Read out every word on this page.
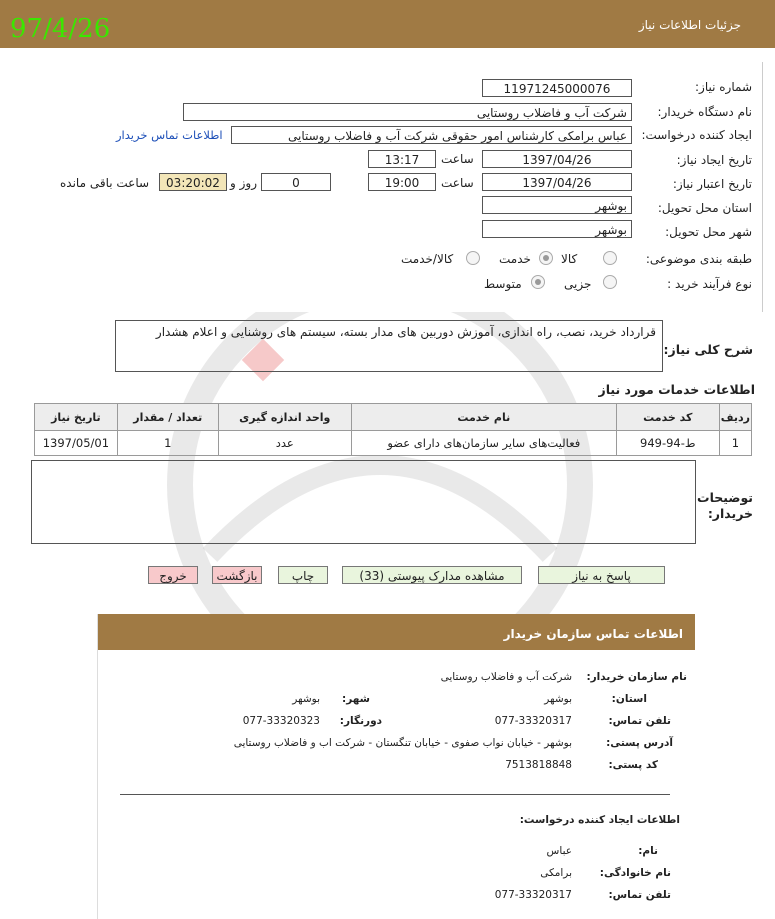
جزئیات اطلاعات نیاز
97/4/26
شماره نیاز:
11971245000076
نام دستگاه خریدار:
شرکت آب و فاضلاب روستایی
ایجاد کننده درخواست:
عباس برامکی کارشناس امور حقوقی شرکت آب و فاضلاب روستایی
اطلاعات تماس خریدار
تاریخ ایجاد نیاز:
1397/04/26
ساعت
13:17
تاریخ اعتبار نیاز:
1397/04/26
ساعت
19:00
0
روز و
03:20:02
ساعت باقی مانده
استان محل تحویل:
بوشهر
شهر محل تحویل:
بوشهر
طبقه بندی موضوعی:
کالا
خدمت
کالا/خدمت
نوع فرآیند خرید :
جزیی
متوسط
شرح کلی نیاز:
قرارداد خرید، نصب، راه اندازی، آموزش دوربین های مدار بسته، سیستم های روشنایی و اعلام هشدار
اطلاعات خدمات مورد نیاز
ردیف	کد خدمت	نام خدمت	واحد اندازه گیری	تعداد / مقدار	تاریخ نیاز
1	ط-94-949	فعالیت‌های سایر سازمان‌های دارای عضو	عدد	1	1397/05/01
توضیحات
خریدار:
پاسخ به نیاز
مشاهده مدارک پیوستی (33)
چاپ
بازگشت
خروج
اطلاعات تماس سازمان خریدار
نام سازمان خریدار:
شرکت آب و فاضلاب روستایی
استان:
بوشهر
شهر:
بوشهر
تلفن تماس:
077-33320317
دورنگار:
077-33320323
آدرس پستی:
بوشهر - خیابان نواب صفوی - خیابان تنگستان - شرکت اب و فاضلاب روستایی
کد پستی:
7513818848
اطلاعات ایجاد کننده درخواست:
نام:
عباس
نام خانوادگی:
برامکی
تلفن تماس:
077-33320317
